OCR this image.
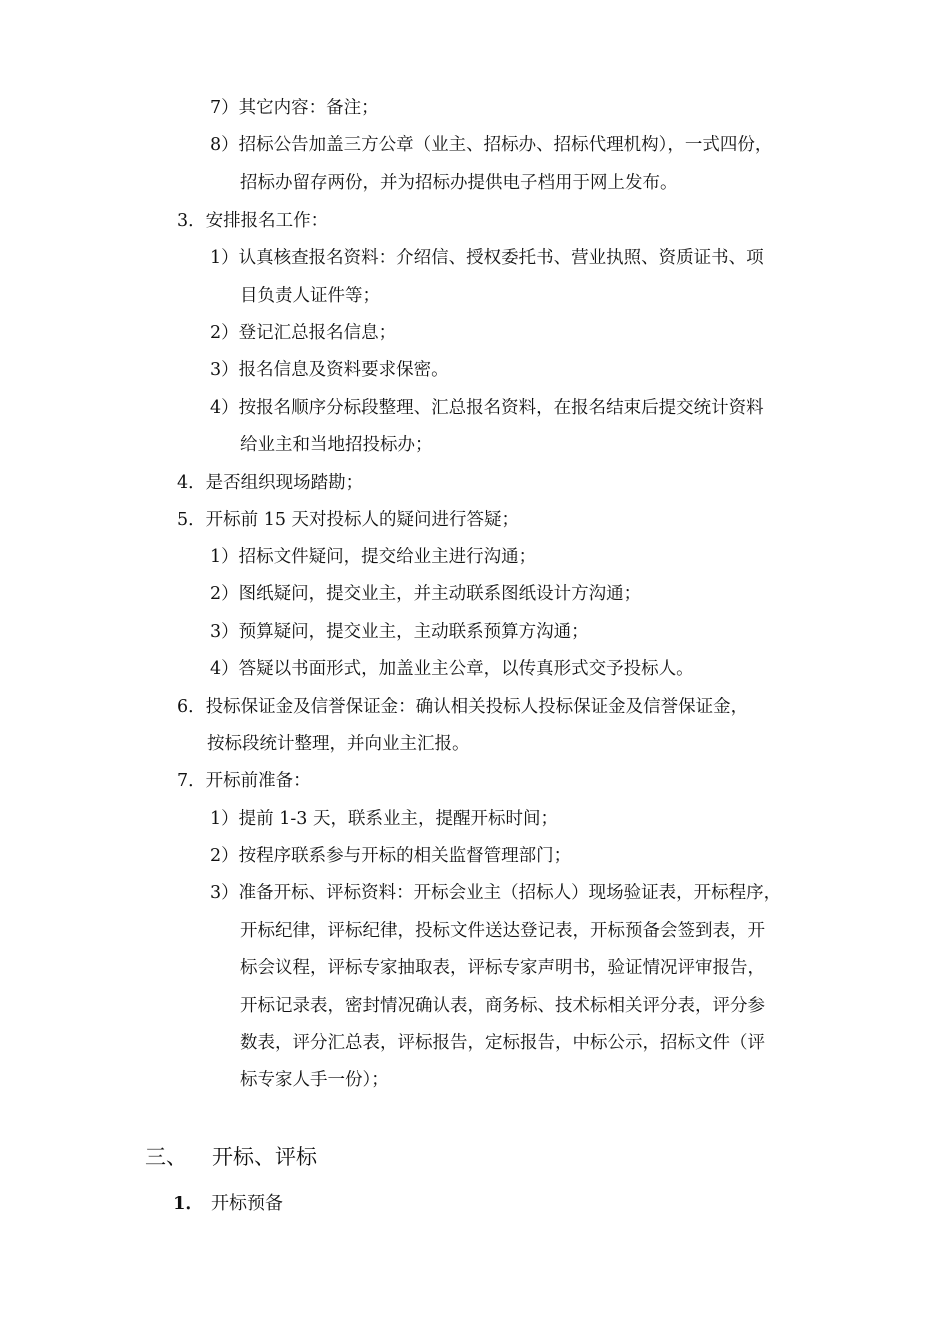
7）其它内容：备注；
8）招标公告加盖三方公章（业主、招标办、招标代理机构），一式四份，
招标办留存两份，并为招标办提供电子档用于网上发布。
3．安排报名工作：
1）认真核查报名资料：介绍信、授权委托书、营业执照、资质证书、项
目负责人证件等；
2）登记汇总报名信息；
3）报名信息及资料要求保密。
4）按报名顺序分标段整理、汇总报名资料，在报名结束后提交统计资料
给业主和当地招投标办；
4．是否组织现场踏勘；
5．开标前 15 天对投标人的疑问进行答疑；
1）招标文件疑问，提交给业主进行沟通；
2）图纸疑问，提交业主，并主动联系图纸设计方沟通；
3）预算疑问，提交业主，主动联系预算方沟通；
4）答疑以书面形式，加盖业主公章，以传真形式交予投标人。
6．投标保证金及信誉保证金：确认相关投标人投标保证金及信誉保证金，
按标段统计整理，并向业主汇报。
7．开标前准备：
1）提前 1-3 天，联系业主，提醒开标时间；
2）按程序联系参与开标的相关监督管理部门；
3）准备开标、评标资料：开标会业主（招标人）现场验证表，开标程序，
开标纪律，评标纪律，投标文件送达登记表，开标预备会签到表，开
标会议程，评标专家抽取表，评标专家声明书，验证情况评审报告，
开标记录表，密封情况确认表，商务标、技术标相关评分表，评分参
数表，评分汇总表，评标报告，定标报告，中标公示，招标文件（评
标专家人手一份）；
三、 开标、评标
1． 开标预备
